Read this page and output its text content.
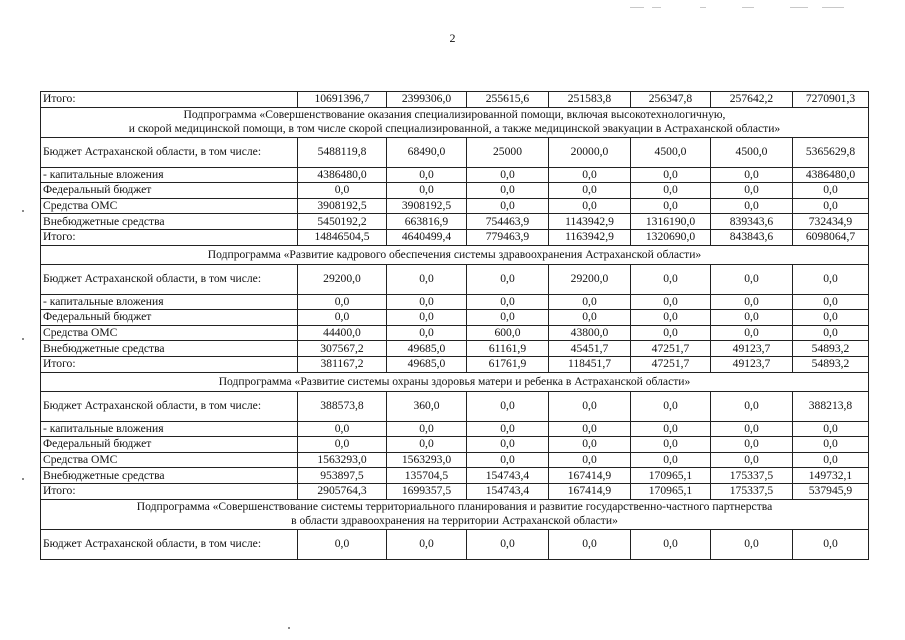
2
Итого:	10691396,7	2399306,0	255615,6	251583,8	256347,8	257642,2	7270901,3
Подпрограмма «Совершенствование оказания специализированной помощи, включая высокотехнологичную,
и скорой медицинской помощи, в том числе скорой специализированной, а также медицинской эвакуации в Астраханской области»							
Бюджет Астраханской области, в том числе:	5488119,8	68490,0	25000	20000,0	4500,0	4500,0	5365629,8
- капитальные вложения	4386480,0	0,0	0,0	0,0	0,0	0,0	4386480,0
Федеральный бюджет	0,0	0,0	0,0	0,0	0,0	0,0	0,0
Средства ОМС	3908192,5	3908192,5	0,0	0,0	0,0	0,0	0,0
Внебюджетные средства	5450192,2	663816,9	754463,9	1143942,9	1316190,0	839343,6	732434,9
Итого:	14846504,5	4640499,4	779463,9	1163942,9	1320690,0	843843,6	6098064,7
Подпрограмма «Развитие кадрового обеспечения системы здравоохранения Астраханской области»							
Бюджет Астраханской области, в том числе:	29200,0	0,0	0,0	29200,0	0,0	0,0	0,0
- капитальные вложения	0,0	0,0	0,0	0,0	0,0	0,0	0,0
Федеральный бюджет	0,0	0,0	0,0	0,0	0,0	0,0	0,0
Средства ОМС	44400,0	0,0	600,0	43800,0	0,0	0,0	0,0
Внебюджетные средства	307567,2	49685,0	61161,9	45451,7	47251,7	49123,7	54893,2
Итого:	381167,2	49685,0	61761,9	118451,7	47251,7	49123,7	54893,2
Подпрограмма «Развитие системы охраны здоровья матери и ребенка в Астраханской области»							
Бюджет Астраханской области, в том числе:	388573,8	360,0	0,0	0,0	0,0	0,0	388213,8
- капитальные вложения	0,0	0,0	0,0	0,0	0,0	0,0	0,0
Федеральный бюджет	0,0	0,0	0,0	0,0	0,0	0,0	0,0
Средства ОМС	1563293,0	1563293,0	0,0	0,0	0,0	0,0	0,0
Внебюджетные средства	953897,5	135704,5	154743,4	167414,9	170965,1	175337,5	149732,1
Итого:	2905764,3	1699357,5	154743,4	167414,9	170965,1	175337,5	537945,9
Подпрограмма «Совершенствование системы территориального планирования и развитие государственно-частного партнерства
в области здравоохранения на территории Астраханской области»							
Бюджет Астраханской области, в том числе:	0,0	0,0	0,0	0,0	0,0	0,0	0,0
